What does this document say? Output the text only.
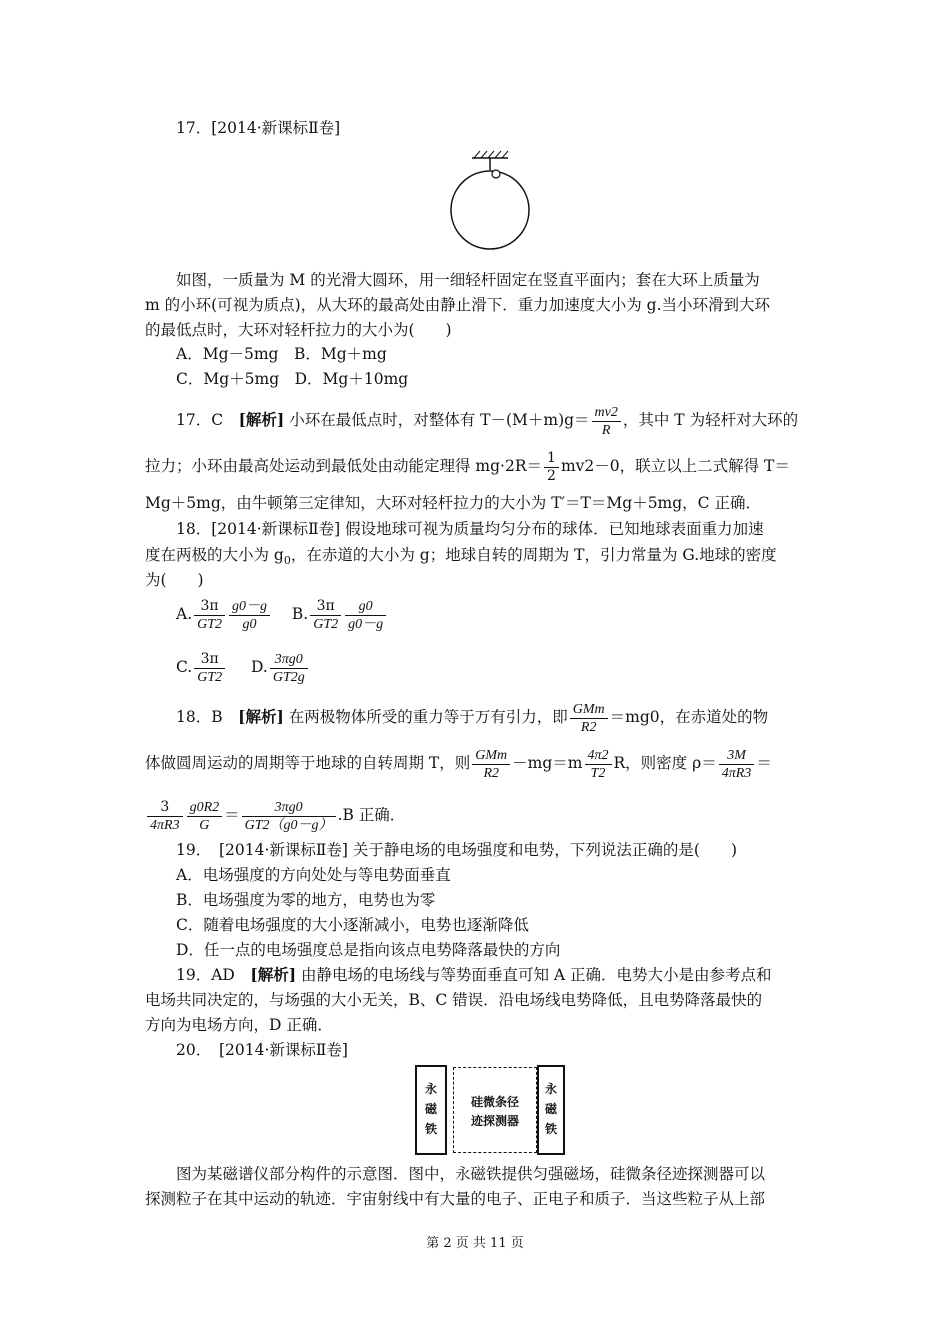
17．[2014·新课标Ⅱ卷]
如图，一质量为 M 的光滑大圆环，用一细轻杆固定在竖直平面内；套在大环上质量为
m 的小环(可视为质点)，从大环的最高处由静止滑下．重力加速度大小为 g.当小环滑到大环
的最低点时，大环对轻杆拉力的大小为(　　)
A．Mg－5mg　B．Mg＋mg
C．Mg＋5mg　D．Mg＋10mg
17．C　[解析] 小环在最低点时，对整体有 $T-(M+m)g= \frac{mv2}{R}$ ，其中 T 为轻杆对大环的
拉力；小环由最高处运动到最低处由动能定理得 $mg\cdot 2R= \frac{1}{2} mv2-0$，联立以上二式解得 T＝
Mg＋5mg，由牛顿第三定律知，大环对轻杆拉力的大小为 T′＝T＝Mg＋5mg，C 正确．
18．[2014·新课标Ⅱ卷] 假设地球可视为质量均匀分布的球体．已知地球表面重力加速
度在两极的大小为 $g_0$，在赤道的大小为 g；地球自转的周期为 T，引力常量为 G.地球的密度
为(　　)
A. $\frac{3\pi}{GT2} \frac{g0-g}{g0} B$. $\frac{3\pi}{GT2} \frac{g0}{g0-g}$
C. $\frac{3\pi}{GT2} D$. $\frac{3\pi g0}{GT2g}$
18．B　[解析] 在两极物体所受的重力等于万有引力，即 $\frac{\text{GMm}}{R2} =mg0$，在赤道处的物
体做圆周运动的周期等于地球的自转周期 T，则 $\frac{\text{GMm}}{R2} -mg=m \frac{4\pi 2}{T2}$ R，则密度 $\rho= \frac{3M}{4\pi R3}$ ＝
$\frac{3}{4\pi R3} \frac{g0R2}{G} = \frac{3\pi g0}{GT2(g0-g)} .B$ 正确．
19．　[2014·新课标Ⅱ卷] 关于静电场的电场强度和电势，下列说法正确的是(　　)
A．电场强度的方向处处与等电势面垂直
B．电场强度为零的地方，电势也为零
C．随着电场强度的大小逐渐减小，电势也逐渐降低
D．任一点的电场强度总是指向该点电势降落最快的方向
19．AD　[解析] 由静电场的电场线与等势面垂直可知 A 正确．电势大小是由参考点和
电场共同决定的，与场强的大小无关，B、C 错误．沿电场线电势降低，且电势降落最快的
方向为电场方向，D 正确．
20．　[2014·新课标Ⅱ卷]
永
磁
铁
硅微条径
迹探测器
永
磁
铁
图为某磁谱仪部分构件的示意图．图中，永磁铁提供匀强磁场，硅微条径迹探测器可以
探测粒子在其中运动的轨迹．宇宙射线中有大量的电子、正电子和质子．当这些粒子从上部
第 2 页 共 11 页
